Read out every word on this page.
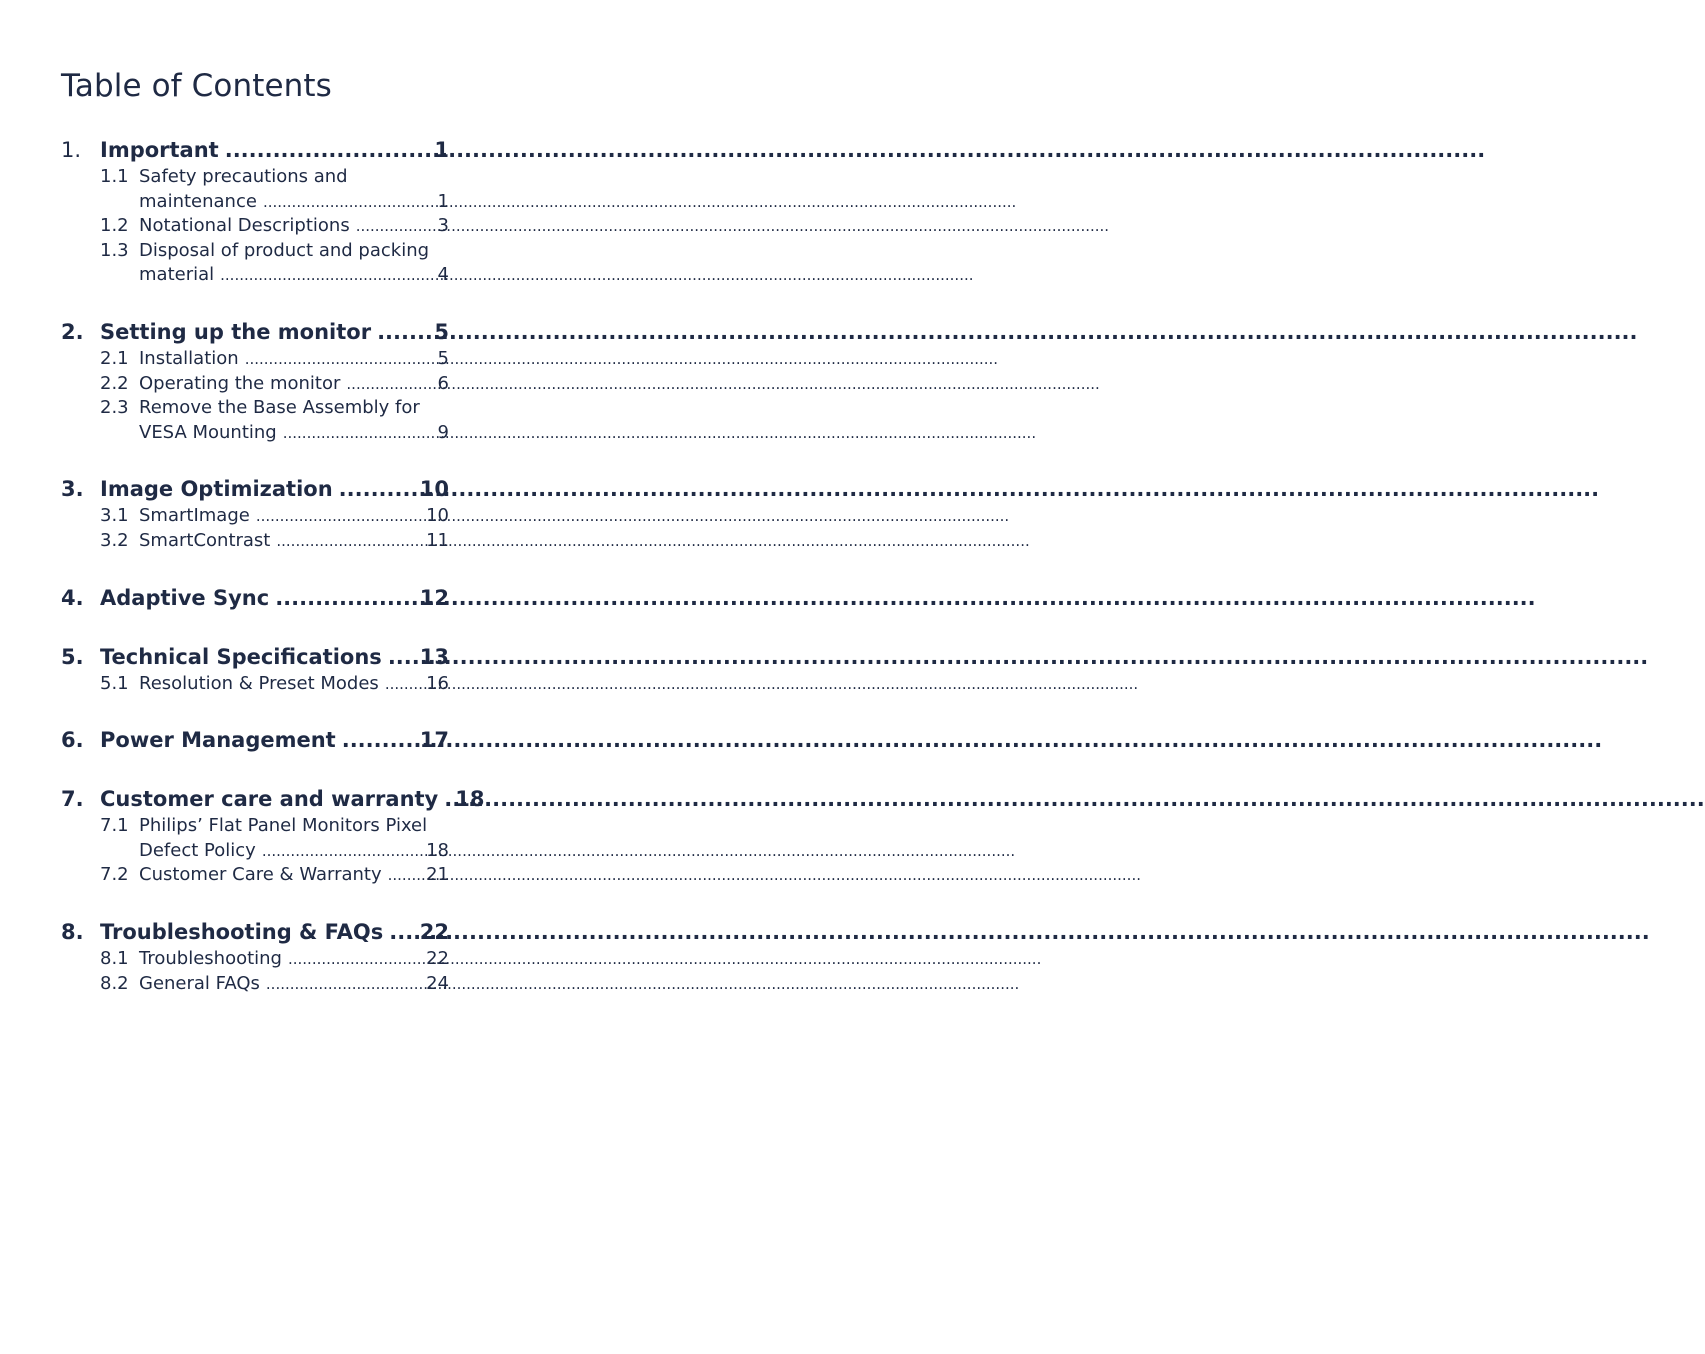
Table of Contents
1. Important .....	1
1.1 Safety precautions and
maintenance .....	1
1.2 Notational Descriptions .....	3
1.3 Disposal of product and packing
material .....	4
2. Setting up the monitor .....	5
2.1 Installation .....	5
2.2 Operating the monitor .....	6
2.3 Remove the Base Assembly for
VESA Mounting .....	9
3. Image Optimization .....	10
3.1 SmartImage .....	10
3.2 SmartContrast .....	11
4. Adaptive Sync .....	12
5. Technical Specifications ..... 13
5.1 Resolution & Preset Modes .....	16
6. Power Management .....	17
7. Customer care and warranty ..... 18
7.1 Philips’ Flat Panel Monitors Pixel
Defect Policy .....	18
7.2 Customer Care & Warranty ..... 21
8. Troubleshooting & FAQs ..... 22
8.1 Troubleshooting .....	22
8.2 General FAQs .....	24
